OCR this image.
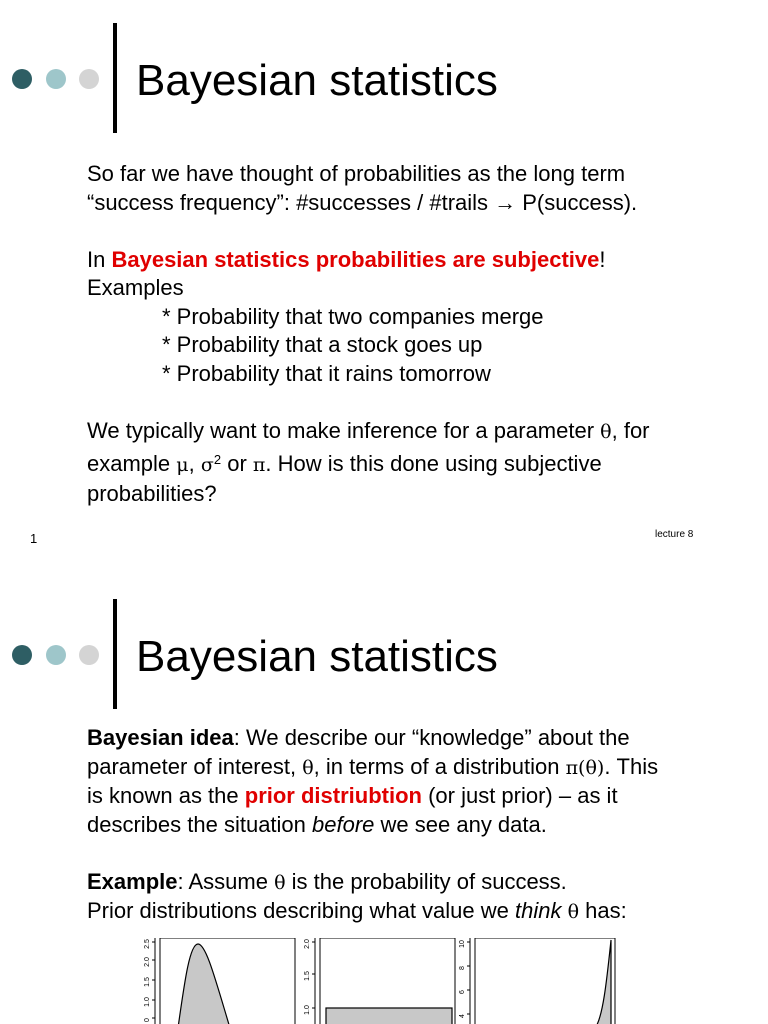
Bayesian statistics
So far we have thought of probabilities as the long term
“success frequency”: #successes / #trails → P(success).
In Bayesian statistics probabilities are subjective!
Examples
* Probability that two companies merge
* Probability that a stock goes up
* Probability that it rains tomorrow
We typically want to make inference for a parameter θ, for
example μ, $\sigma^2$ or π. How is this done using subjective
probabilities?
1	lecture 8
Bayesian statistics
Bayesian idea: We describe our “knowledge” about the
parameter of interest, θ, in terms of a distribution π(θ). This
is known as the prior distriubtion (or just prior) – as it
describes the situation before we see any data.
Example: Assume θ is the probability of success.
Prior distributions describing what value we think θ has:
0
1.0
1.5
2.0
2.5
1.0
1.5
2.0
4
6
8
10
